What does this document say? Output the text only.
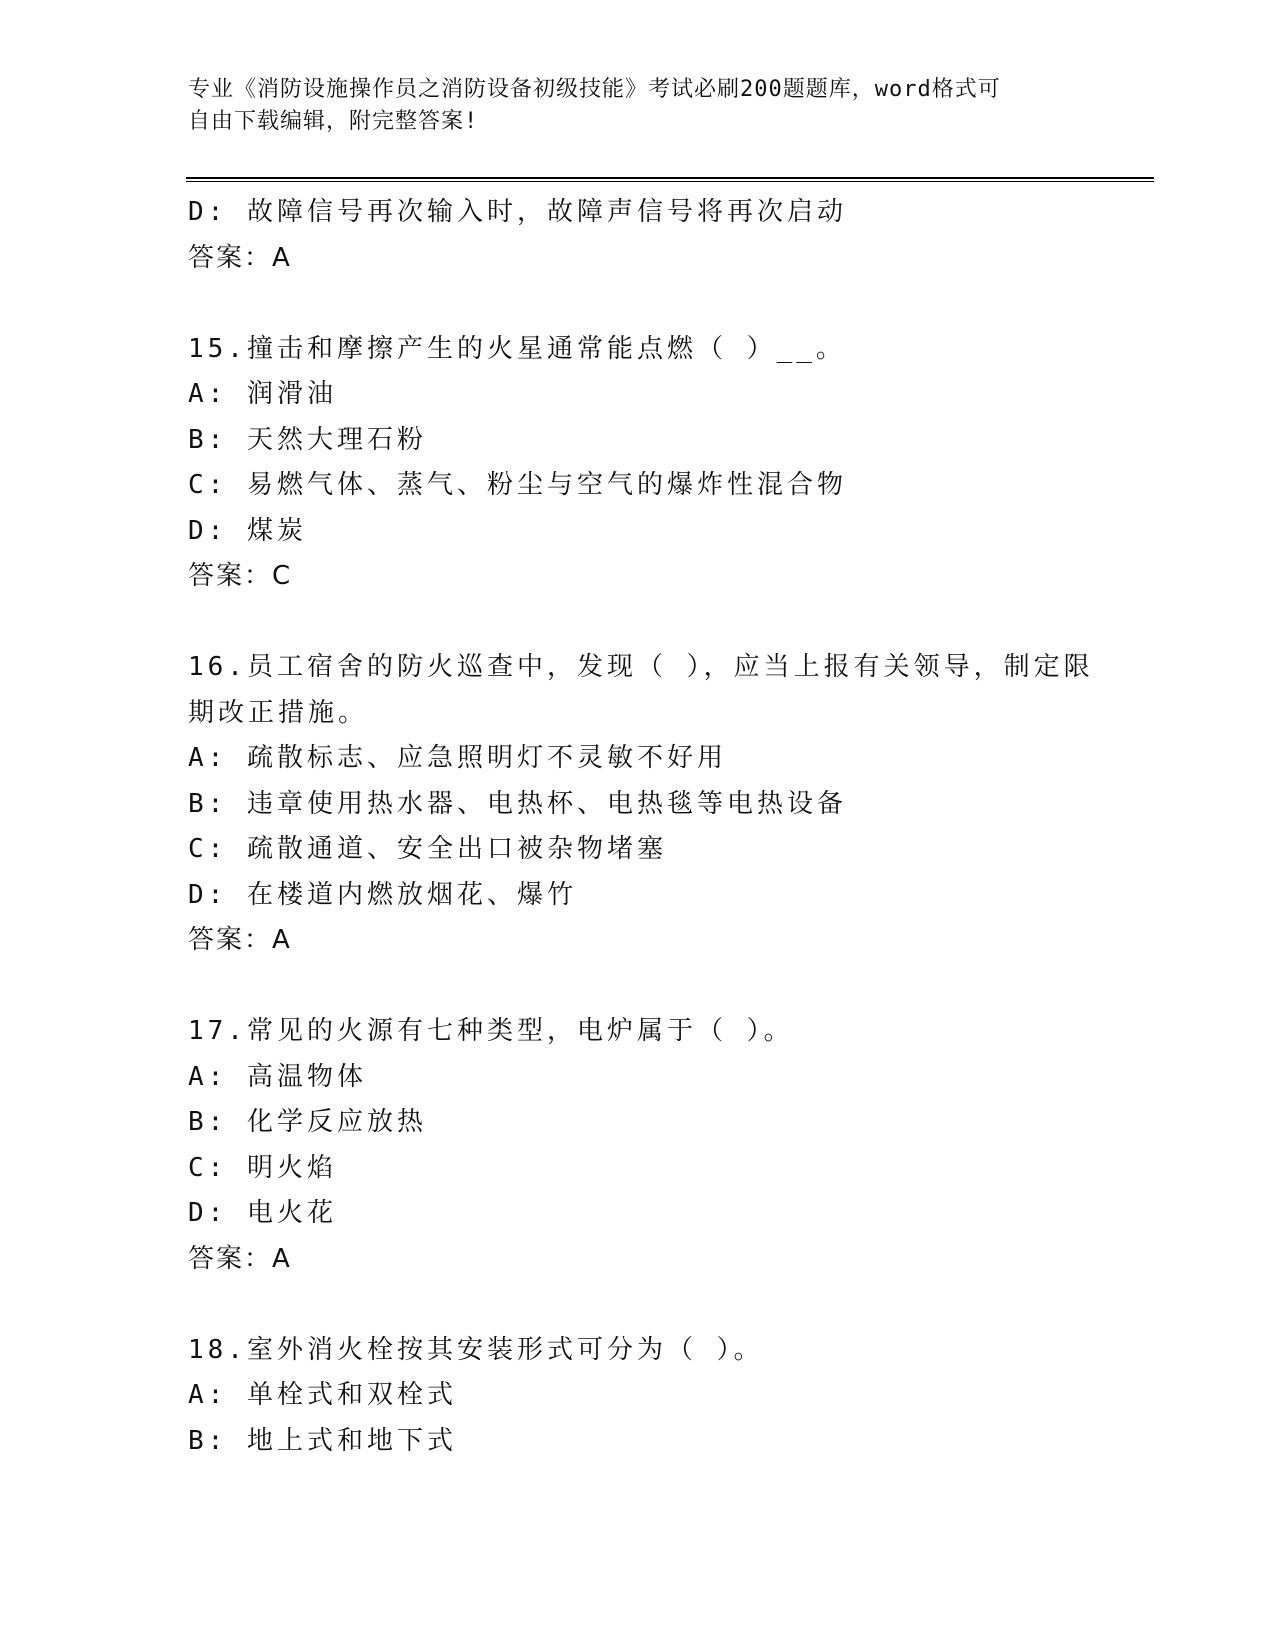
专业《消防设施操作员之消防设备初级技能》考试必刷200题题库，word格式可
自由下载编辑，附完整答案!
D: 故障信号再次输入时，故障声信号将再次启动
答案：A
15.撞击和摩擦产生的火星通常能点燃（ ）__。
A: 润滑油
B: 天然大理石粉
C: 易燃气体、蒸气、粉尘与空气的爆炸性混合物
D: 煤炭
答案：C
16.员工宿舍的防火巡查中，发现（ ），应当上报有关领导，制定限
期改正措施。
A: 疏散标志、应急照明灯不灵敏不好用
B: 违章使用热水器、电热杯、电热毯等电热设备
C: 疏散通道、安全出口被杂物堵塞
D: 在楼道内燃放烟花、爆竹
答案：A
17.常见的火源有七种类型，电炉属于（ ）。
A: 高温物体
B: 化学反应放热
C: 明火焰
D: 电火花
答案：A
18.室外消火栓按其安装形式可分为（ ）。
A: 单栓式和双栓式
B: 地上式和地下式
